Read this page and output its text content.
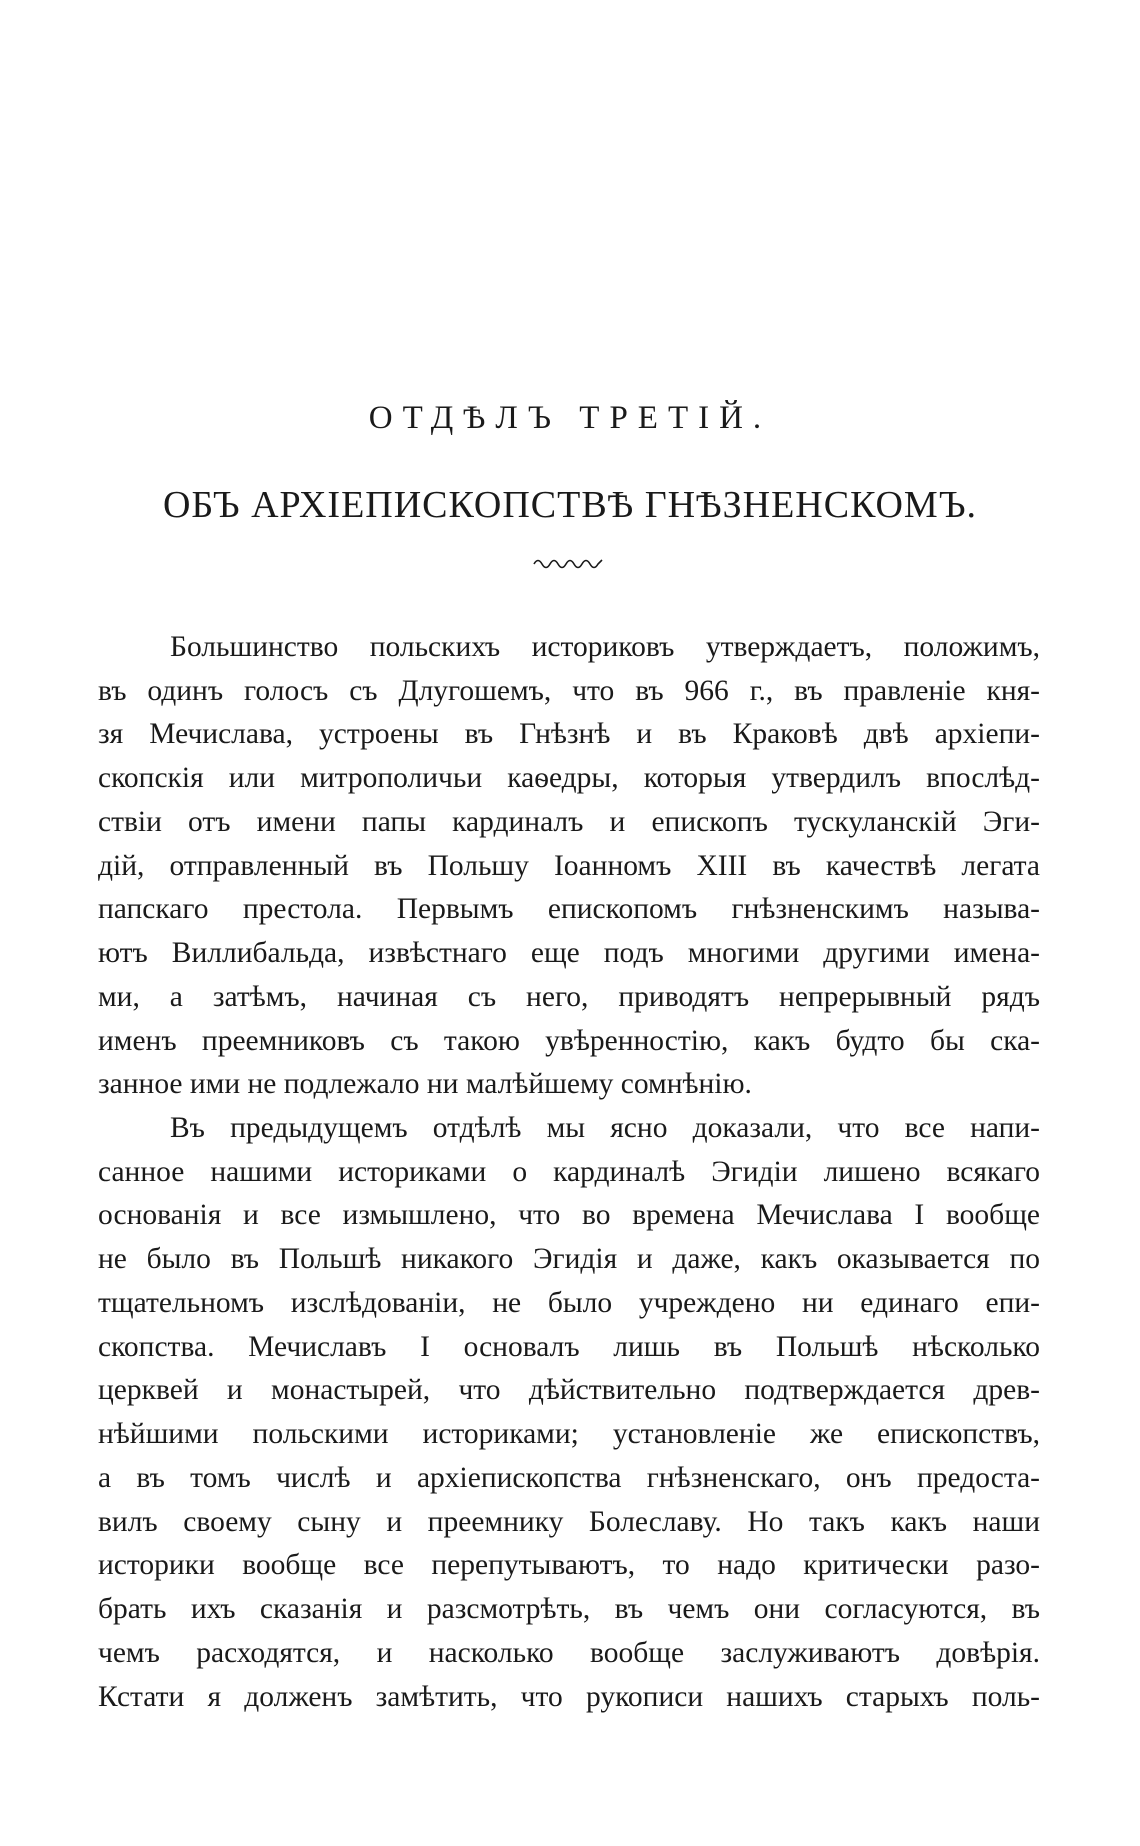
ОТДѢЛЪ ТРЕТІЙ.
ОБЪ АРХІЕПИСКОПСТВѢ ГНѢЗНЕНСКОМЪ.
Большинство польскихъ историковъ утверждаетъ, положимъ,
въ одинъ голосъ съ Длугошемъ, что въ 966 г., въ правленіе кня-
зя Мечислава, устроены въ Гнѣзнѣ и въ Краковѣ двѣ архіепи-
скопскія или митрополичьи каѳедры, которыя утвердилъ впослѣд-
ствіи отъ имени папы кардиналъ и епископъ тускуланскій Эги-
дій, отправленный въ Польшу Іоанномъ XIII въ качествѣ легата
папскаго престола. Первымъ епископомъ гнѣзненскимъ называ-
ютъ Виллибальда, извѣстнаго еще подъ многими другими имена-
ми, а затѣмъ, начиная съ него, приводятъ непрерывный рядъ
именъ преемниковъ съ такою увѣренностію, какъ будто бы ска-
занное ими не подлежало ни малѣйшему сомнѣнію.
Въ предыдущемъ отдѣлѣ мы ясно доказали, что все напи-
санное нашими историками о кардиналѣ Эгидіи лишено всякаго
основанія и все измышлено, что во времена Мечислава I вообще
не было въ Польшѣ никакого Эгидія и даже, какъ оказывается по
тщательномъ изслѣдованіи, не было учреждено ни единаго епи-
скопства. Мечиславъ I основалъ лишь въ Польшѣ нѣсколько
церквей и монастырей, что дѣйствительно подтверждается древ-
нѣйшими польскими историками; установленіе же епископствъ,
а въ томъ числѣ и архіепископства гнѣзненскаго, онъ предоста-
вилъ своему сыну и преемнику Болеславу. Но такъ какъ наши
историки вообще все перепутываютъ, то надо критически разо-
брать ихъ сказанія и разсмотрѣть, въ чемъ они согласуются, въ
чемъ расходятся, и насколько вообще заслуживаютъ довѣрія.
Кстати я долженъ замѣтить, что рукописи нашихъ старыхъ поль-
